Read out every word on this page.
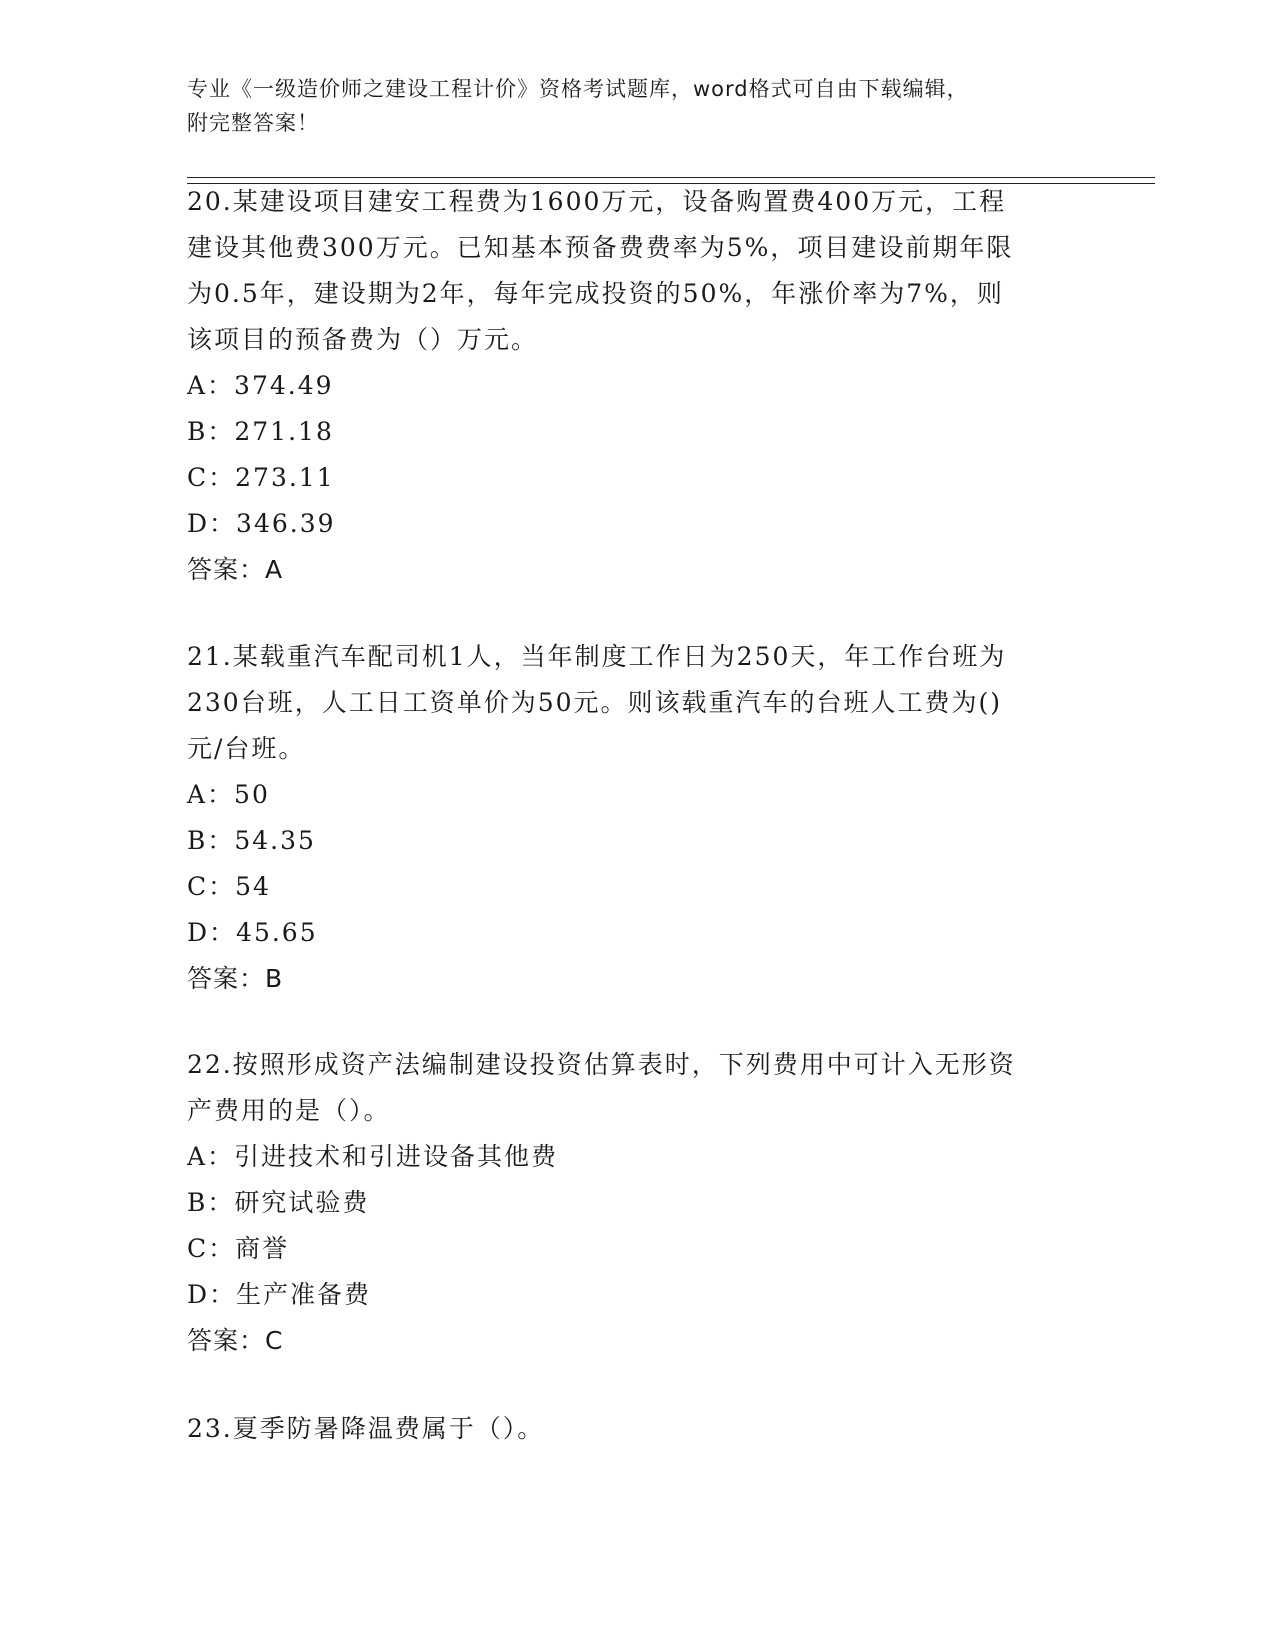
专业《一级造价师之建设工程计价》资格考试题库，word格式可自由下载编辑，
附完整答案！

20.某建设项目建安工程费为1600万元，设备购置费400万元，工程

建设其他费300万元。已知基本预备费费率为5%，项目建设前期年限

为0.5年，建设期为2年，每年完成投资的50%，年涨价率为7%，则

该项目的预备费为（）万元。

A：374.49

B：271.18

C：273.11

D：346.39

答案：A

21.某载重汽车配司机1人，当年制度工作日为250天，年工作台班为

230台班，人工日工资单价为50元。则该载重汽车的台班人工费为()

元/台班。

A：50

B：54.35

C：54

D：45.65

答案：B

22.按照形成资产法编制建设投资估算表时，下列费用中可计入无形资

产费用的是（）。

A：引进技术和引进设备其他费

B：研究试验费

C：商誉

D：生产准备费

答案：C

23.夏季防暑降温费属于（）。
